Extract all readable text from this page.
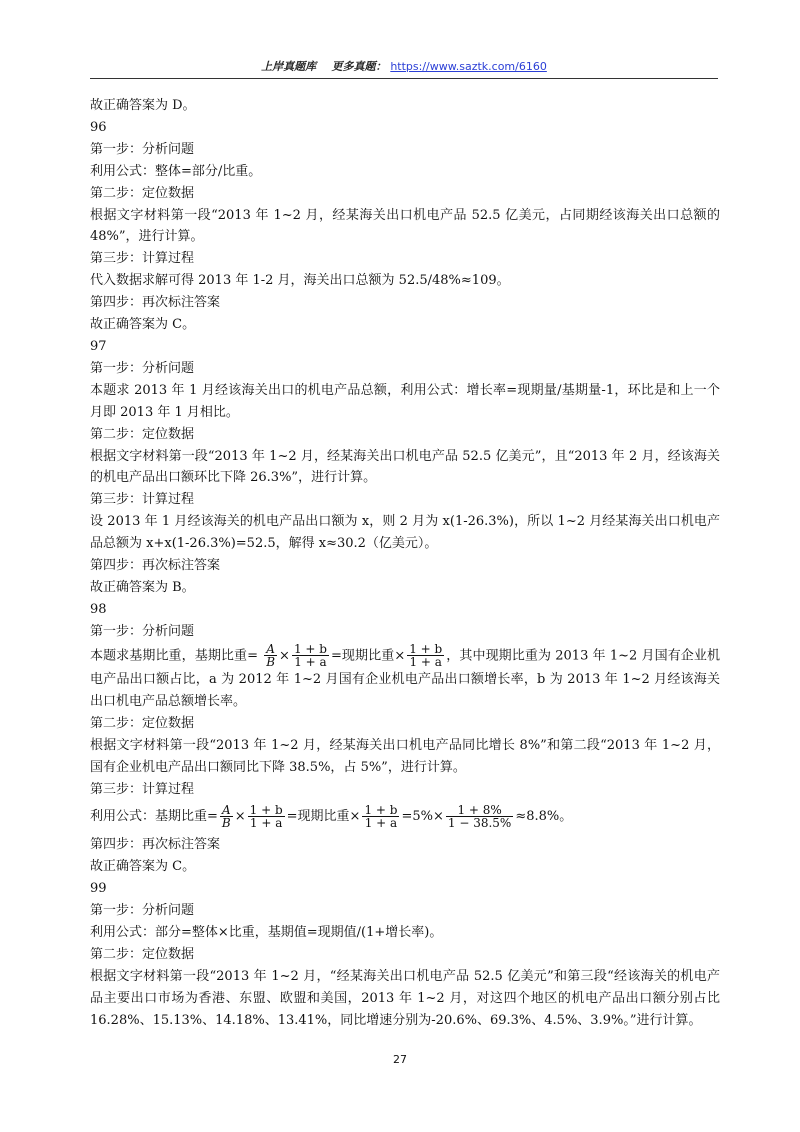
上岸真题库 更多真题： https://www.saztk.com/6160

故正确答案为 D。

96

第一步：分析问题

利用公式：整体=部分/比重。

第二步：定位数据

根据文字材料第一段“2013 年 1~2 月，经某海关出口机电产品 52.5 亿美元，占同期经该海关出口总额的 48%”，进行计算。

第三步：计算过程

代入数据求解可得 2013 年 1-2 月，海关出口总额为 52.5/48%≈109。

第四步：再次标注答案

故正确答案为 C。

97

第一步：分析问题

本题求 2013 年 1 月经该海关出口的机电产品总额，利用公式：增长率=现期量/基期量-1，环比是和上一个月即 2013 年 1 月相比。

第二步：定位数据

根据文字材料第一段“2013 年 1~2 月，经某海关出口机电产品 52.5 亿美元”，且“2013 年 2 月，经该海关的机电产品出口额环比下降 26.3%”，进行计算。

第三步：计算过程

设 2013 年 1 月经该海关的机电产品出口额为 x，则 2 月为 x(1-26.3%)，所以 1~2 月经某海关出口机电产品总额为 x+x(1-26.3%)=52.5，解得 x≈30.2（亿美元）。

第四步：再次标注答案

故正确答案为 B。

98

第一步：分析问题

本题求基期比重，基期比重= $\frac{A}{B} \times \frac{1 + b}{1 + a}$ =现期比重× $\frac{1 + b}{1 + a}$ ，其中现期比重为 2013 年 1~2 月国有企业机电产品出口额占比，a 为 2012 年 1~2 月国有企业机电产品出口额增长率，b 为 2013 年 1~2 月经该海关出口机电产品总额增长率。

第二步：定位数据

根据文字材料第一段“2013 年 1~2 月，经某海关出口机电产品同比增长 8%”和第二段“2013 年 1~2 月，国有企业机电产品出口额同比下降 38.5%，占 5%”，进行计算。

第三步：计算过程

利用公式：基期比重= $\frac{A}{B} \times \frac{1 + b}{1 + a}$ =现期比重× $\frac{1 + b}{1 + a} =5\%\times \frac{1 + 8\%}{1 - 38.5\%} \approx 8.8\%$。

第四步：再次标注答案

故正确答案为 C。

99

第一步：分析问题

利用公式：部分=整体×比重，基期值=现期值/(1+增长率)。

第二步：定位数据

根据文字材料第一段“2013 年 1~2 月，“经某海关出口机电产品 52.5 亿美元”和第三段“经该海关的机电产品主要出口市场为香港、东盟、欧盟和美国，2013 年 1~2 月，对这四个地区的机电产品出口额分别占比 16.28%、15.13%、14.18%、13.41%，同比增速分别为-20.6%、69.3%、4.5%、3.9%。”进行计算。

27
